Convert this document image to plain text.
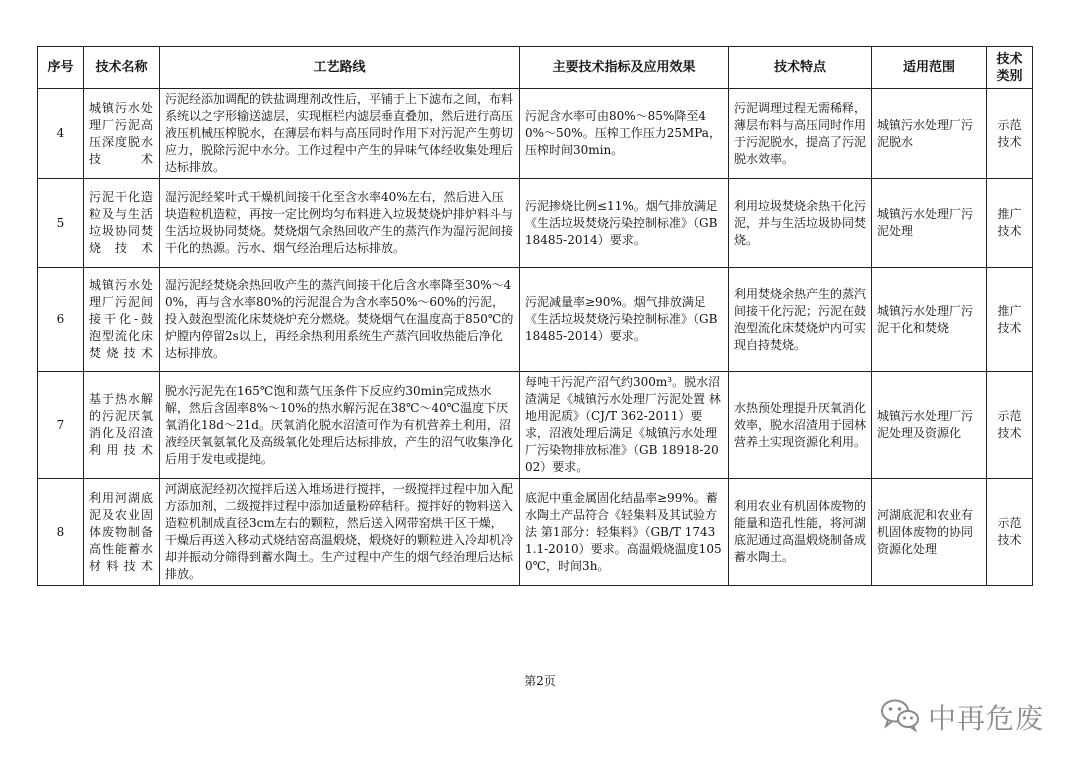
序号	技术名称	工艺路线	主要技术指标及应用效果	技术特点	适用范围	技术类别
4	城镇污水处理厂污泥高压深度脱水技术	污泥经添加调配的铁盐调理剂改性后，平铺于上下滤布之间，布料系统以之字形输送滤层，实现框栏内滤层垂直叠加，然后进行高压液压机械压榨脱水，在薄层布料与高压同时作用下对污泥产生剪切应力，脱除污泥中水分。工作过程中产生的异味气体经收集处理后达标排放。	污泥含水率可由80%～85%降至40%～50%。压榨工作压力25MPa，压榨时间30min。	污泥调理过程无需稀释，薄层布料与高压同时作用于污泥脱水，提高了污泥脱水效率。	城镇污水处理厂污泥脱水	示范技术
5	污泥干化造粒及与生活垃圾协同焚烧技术	湿污泥经桨叶式干燥机间接干化至含水率40%左右，然后进入压块造粒机造粒，再按一定比例均匀布料进入垃圾焚烧炉排炉料斗与生活垃圾协同焚烧。焚烧烟气余热回收产生的蒸汽作为湿污泥间接干化的热源。污水、烟气经治理后达标排放。	污泥掺烧比例≤11%。烟气排放满足《生活垃圾焚烧污染控制标准》（GB 18485-2014）要求。	利用垃圾焚烧余热干化污泥，并与生活垃圾协同焚烧。	城镇污水处理厂污泥处理	推广技术
6	城镇污水处理厂污泥间接干化-鼓泡型流化床焚烧技术	湿污泥经焚烧余热回收产生的蒸汽间接干化后含水率降至30%～40%，再与含水率80%的污泥混合为含水率50%～60%的污泥，投入鼓泡型流化床焚烧炉充分燃烧。焚烧烟气在温度高于850℃的炉膛内停留2s以上，再经余热利用系统生产蒸汽回收热能后净化达标排放。	污泥减量率≥90%。烟气排放满足《生活垃圾焚烧污染控制标准》（GB 18485-2014）要求。	利用焚烧余热产生的蒸汽间接干化污泥；污泥在鼓泡型流化床焚烧炉内可实现自持焚烧。	城镇污水处理厂污泥干化和焚烧	推广技术
7	基于热水解的污泥厌氧消化及沼渣利用技术	脱水污泥先在165℃饱和蒸气压条件下反应约30min完成热水解，然后含固率8%～10%的热水解污泥在38℃～40℃温度下厌氧消化18d～21d。厌氧消化脱水沼渣可作为有机营养土利用，沼液经厌氧氨氧化及高级氧化处理后达标排放，产生的沼气收集净化后用于发电或提纯。	每吨干污泥产沼气约300m³。脱水沼渣满足《城镇污水处理厂污泥处置 林地用泥质》（CJ/T 362-2011）要求，沼液处理后满足《城镇污水处理厂污染物排放标准》（GB 18918-2002）要求。	水热预处理提升厌氧消化效率，脱水沼渣用于园林营养土实现资源化利用。	城镇污水处理厂污泥处理及资源化	示范技术
8	利用河湖底泥及农业固体废物制备高性能蓄水材料技术	河湖底泥经初次搅拌后送入堆场进行搅拌，一级搅拌过程中加入配方添加剂，二级搅拌过程中添加适量粉碎秸秆。搅拌好的物料送入造粒机制成直径3cm左右的颗粒，然后送入网带窑烘干区干燥，干燥后再送入移动式烧结窑高温煅烧，煅烧好的颗粒进入冷却机冷却并振动分筛得到蓄水陶土。生产过程中产生的烟气经治理后达标排放。	底泥中重金属固化结晶率≥99%。蓄水陶土产品符合《轻集料及其试验方法 第1部分：轻集料》（GB/T 17431.1-2010）要求。高温煅烧温度1050℃，时间3h。	利用农业有机固体废物的能量和造孔性能，将河湖底泥通过高温煅烧制备成蓄水陶土。	河湖底泥和农业有机固体废物的协同资源化处理	示范技术
第2页
中再危废
